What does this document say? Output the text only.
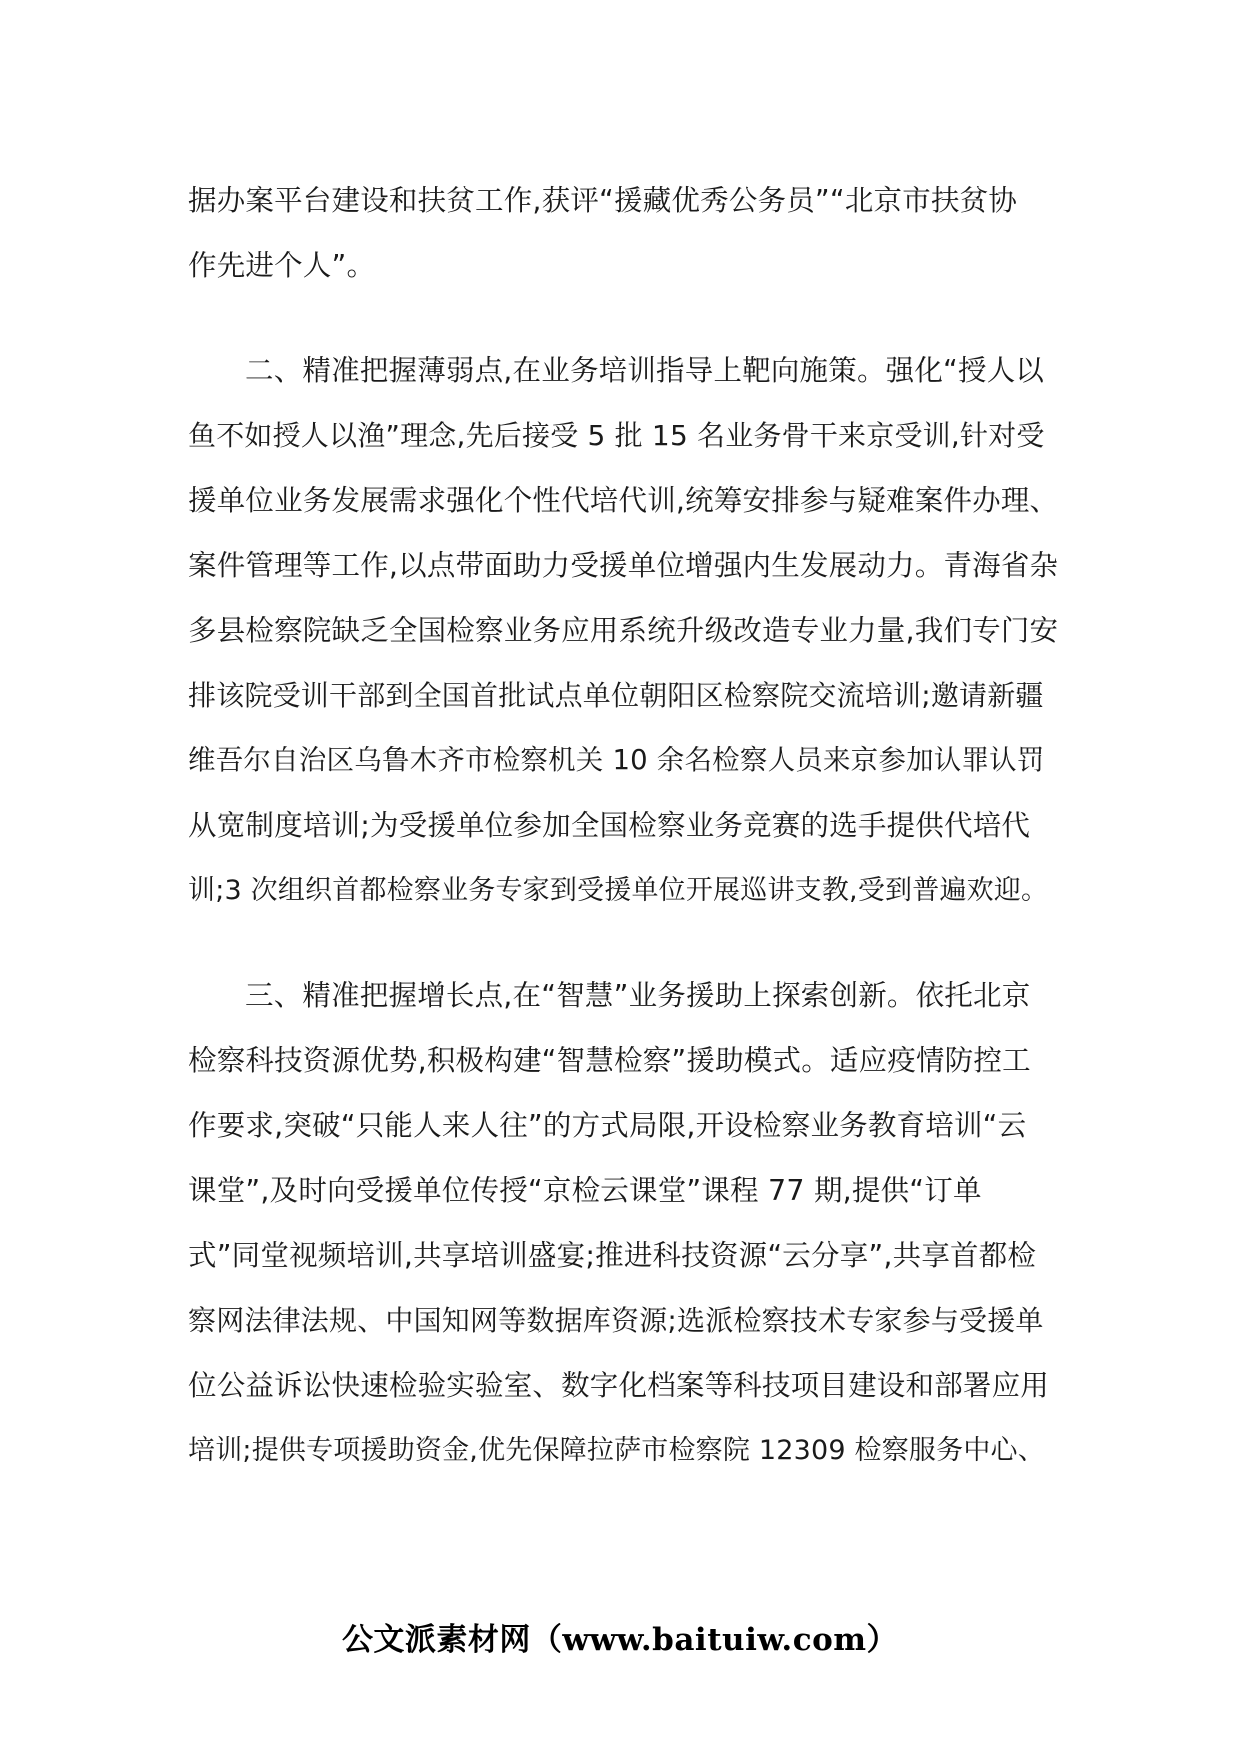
据办案平台建设和扶贫工作,获评“援藏优秀公务员”“北京市扶贫协
作先进个人”。

二、精准把握薄弱点,在业务培训指导上靶向施策。强化“授人以
鱼不如授人以渔”理念,先后接受 5 批 15 名业务骨干来京受训,针对受
援单位业务发展需求强化个性代培代训,统筹安排参与疑难案件办理、
案件管理等工作,以点带面助力受援单位增强内生发展动力。青海省杂
多县检察院缺乏全国检察业务应用系统升级改造专业力量,我们专门安
排该院受训干部到全国首批试点单位朝阳区检察院交流培训;邀请新疆
维吾尔自治区乌鲁木齐市检察机关 10 余名检察人员来京参加认罪认罚
从宽制度培训;为受援单位参加全国检察业务竞赛的选手提供代培代
训;3 次组织首都检察业务专家到受援单位开展巡讲支教,受到普遍欢迎。

三、精准把握增长点,在“智慧”业务援助上探索创新。依托北京
检察科技资源优势,积极构建“智慧检察”援助模式。适应疫情防控工
作要求,突破“只能人来人往”的方式局限,开设检察业务教育培训“云
课堂”,及时向受援单位传授“京检云课堂”课程 77 期,提供“订单
式”同堂视频培训,共享培训盛宴;推进科技资源“云分享”,共享首都检
察网法律法规、中国知网等数据库资源;选派检察技术专家参与受援单
位公益诉讼快速检验实验室、数字化档案等科技项目建设和部署应用
培训;提供专项援助资金,优先保障拉萨市检察院 12309 检察服务中心、

公文派素材网（www.baituiw.com）
